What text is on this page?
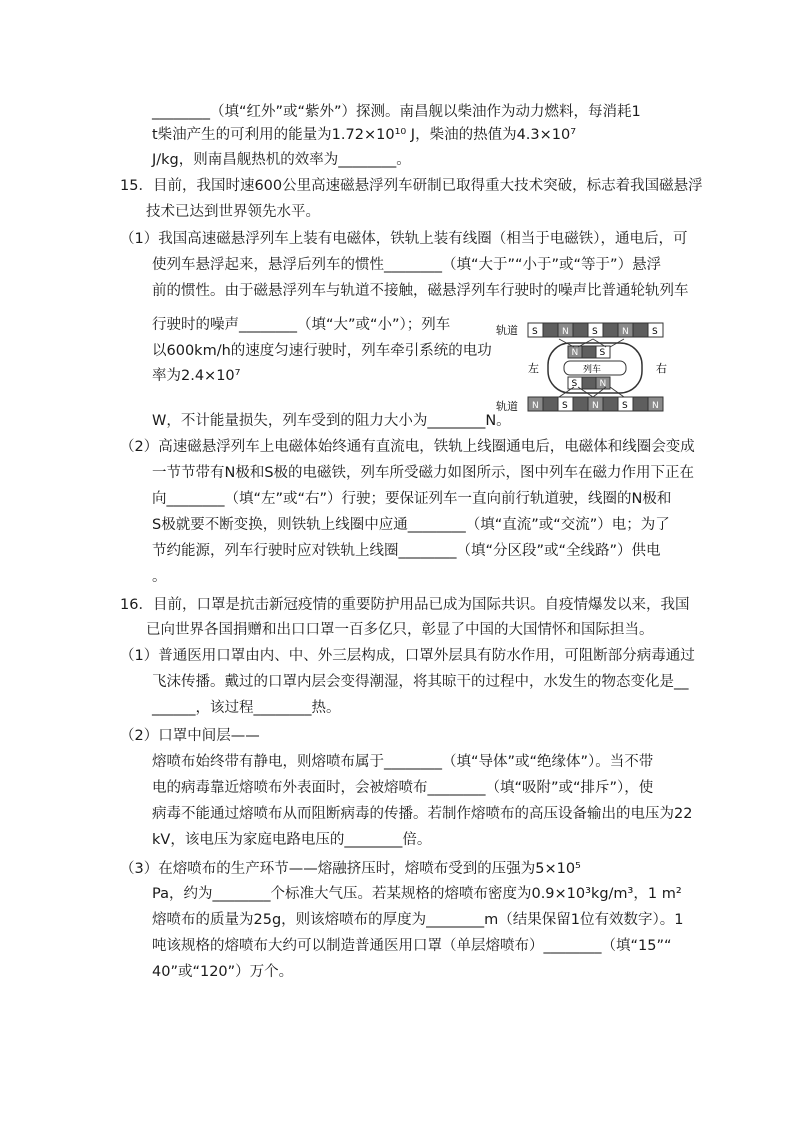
________（填“红外”或“紫外”）探测。南昌舰以柴油作为动力燃料，每消耗1
t柴油产生的可利用的能量为1.72×10¹⁰ J，柴油的热值为4.3×10⁷
J/kg，则南昌舰热机的效率为________。
15．目前，我国时速600公里高速磁悬浮列车研制已取得重大技术突破，标志着我国磁悬浮
技术已达到世界领先水平。
（1）我国高速磁悬浮列车上装有电磁体，铁轨上装有线圈（相当于电磁铁），通电后，可
使列车悬浮起来，悬浮后列车的惯性________（填“大于”“小于”或“等于”）悬浮
前的惯性。由于磁悬浮列车与轨道不接触，磁悬浮列车行驶时的噪声比普通轮轨列车
行驶时的噪声________（填“大”或“小”）；列车
以600km/h的速度匀速行驶时，列车牵引系统的电功
率为2.4×10⁷
W，不计能量损失，列车受到的阻力大小为________N。
（2）高速磁悬浮列车上电磁体始终通有直流电，铁轨上线圈通电后，电磁体和线圈会变成
一节节带有N极和S极的电磁铁，列车所受磁力如图所示，图中列车在磁力作用下正在
向________（填“左”或“右”）行驶；要保证列车一直向前行轨道驶，线圈的N极和
S极就要不断变换，则铁轨上线圈中应通________（填“直流”或“交流”）电；为了
节约能源，列车行驶时应对铁轨上线圈________（填“分区段”或“全线路”）供电
。
16．目前，口罩是抗击新冠疫情的重要防护用品已成为国际共识。自疫情爆发以来，我国
已向世界各国捐赠和出口口罩一百多亿只，彰显了中国的大国情怀和国际担当。
（1）普通医用口罩由内、中、外三层构成，口罩外层具有防水作用，可阻断部分病毒通过
飞沫传播。戴过的口罩内层会变得潮湿，将其晾干的过程中，水发生的物态变化是__
______，该过程________热。
（2）口罩中间层——
熔喷布始终带有静电，则熔喷布属于________（填“导体”或“绝缘体”）。当不带
电的病毒靠近熔喷布外表面时，会被熔喷布________（填“吸附”或“排斥”），使
病毒不能通过熔喷布从而阻断病毒的传播。若制作熔喷布的高压设备输出的电压为22
kV，该电压为家庭电路电压的________倍。
（3）在熔喷布的生产环节——熔融挤压时，熔喷布受到的压强为5×10⁵
Pa，约为________个标准大气压。若某规格的熔喷布密度为0.9×10³kg/m³，1 m²
熔喷布的质量为25g，则该熔喷布的厚度为________m（结果保留1位有效数字）。1
吨该规格的熔喷布大约可以制造普通医用口罩（单层熔喷布）________（填“15”“
40”或“120”）万个。
轨道
轨道
左	右
S	N	S	N	S
N	S	N	S	N
列车
N S
S N
